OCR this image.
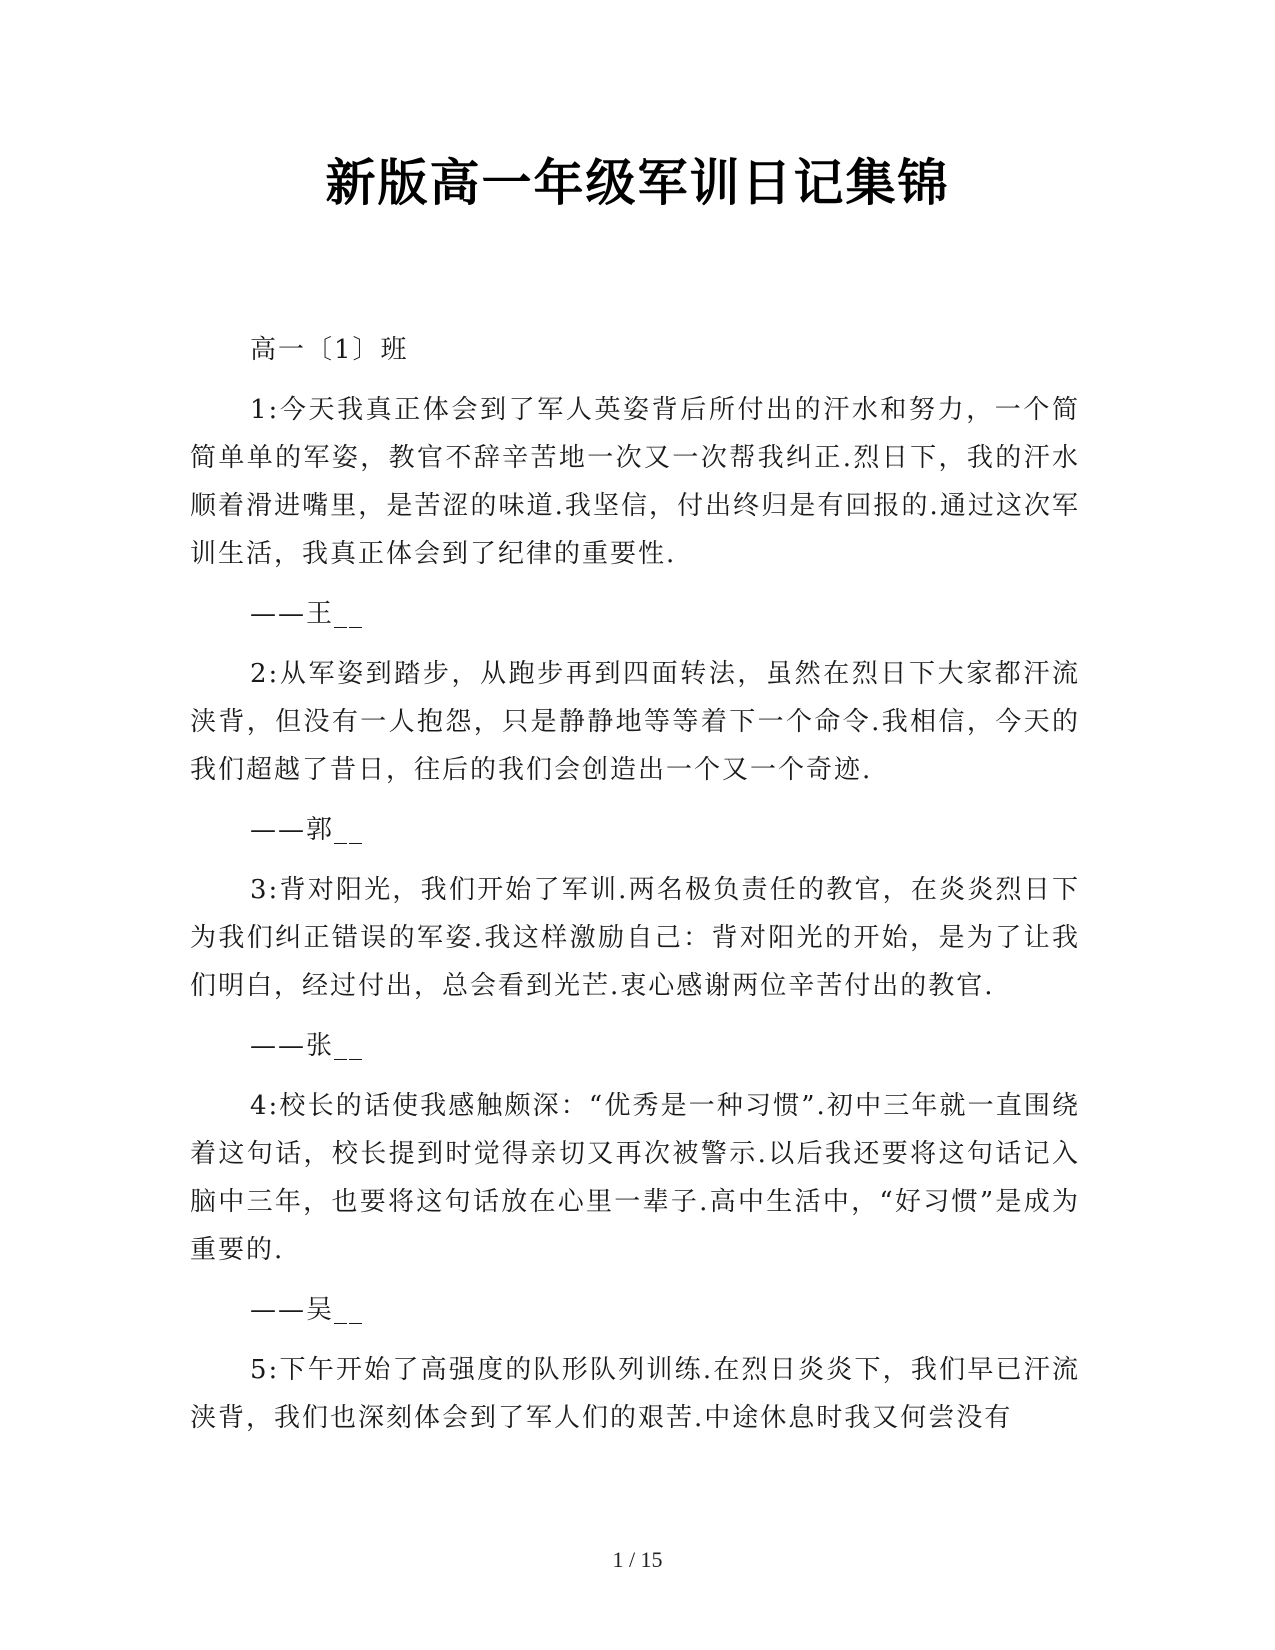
新版高一年级军训日记集锦

高一〔1〕班

1:今天我真正体会到了军人英姿背后所付出的汗水和努力，一个简简单单的军姿，教官不辞辛苦地一次又一次帮我纠正.烈日下，我的汗水顺着滑进嘴里，是苦涩的味道.我坚信，付出终归是有回报的.通过这次军训生活，我真正体会到了纪律的重要性.

——王__

2:从军姿到踏步，从跑步再到四面转法，虽然在烈日下大家都汗流浃背，但没有一人抱怨，只是静静地等等着下一个命令.我相信，今天的我们超越了昔日，往后的我们会创造出一个又一个奇迹.

——郭__

3:背对阳光，我们开始了军训.两名极负责任的教官，在炎炎烈日下为我们纠正错误的军姿.我这样激励自己：背对阳光的开始，是为了让我们明白，经过付出，总会看到光芒.衷心感谢两位辛苦付出的教官.

——张__

4:校长的话使我感触颇深：“优秀是一种习惯”.初中三年就一直围绕着这句话，校长提到时觉得亲切又再次被警示.以后我还要将这句话记入脑中三年，也要将这句话放在心里一辈子.高中生活中，“好习惯”是成为重要的.

——吴__

5:下午开始了高强度的队形队列训练.在烈日炎炎下，我们早已汗流浃背，我们也深刻体会到了军人们的艰苦.中途休息时我又何尝没有

1 / 15
